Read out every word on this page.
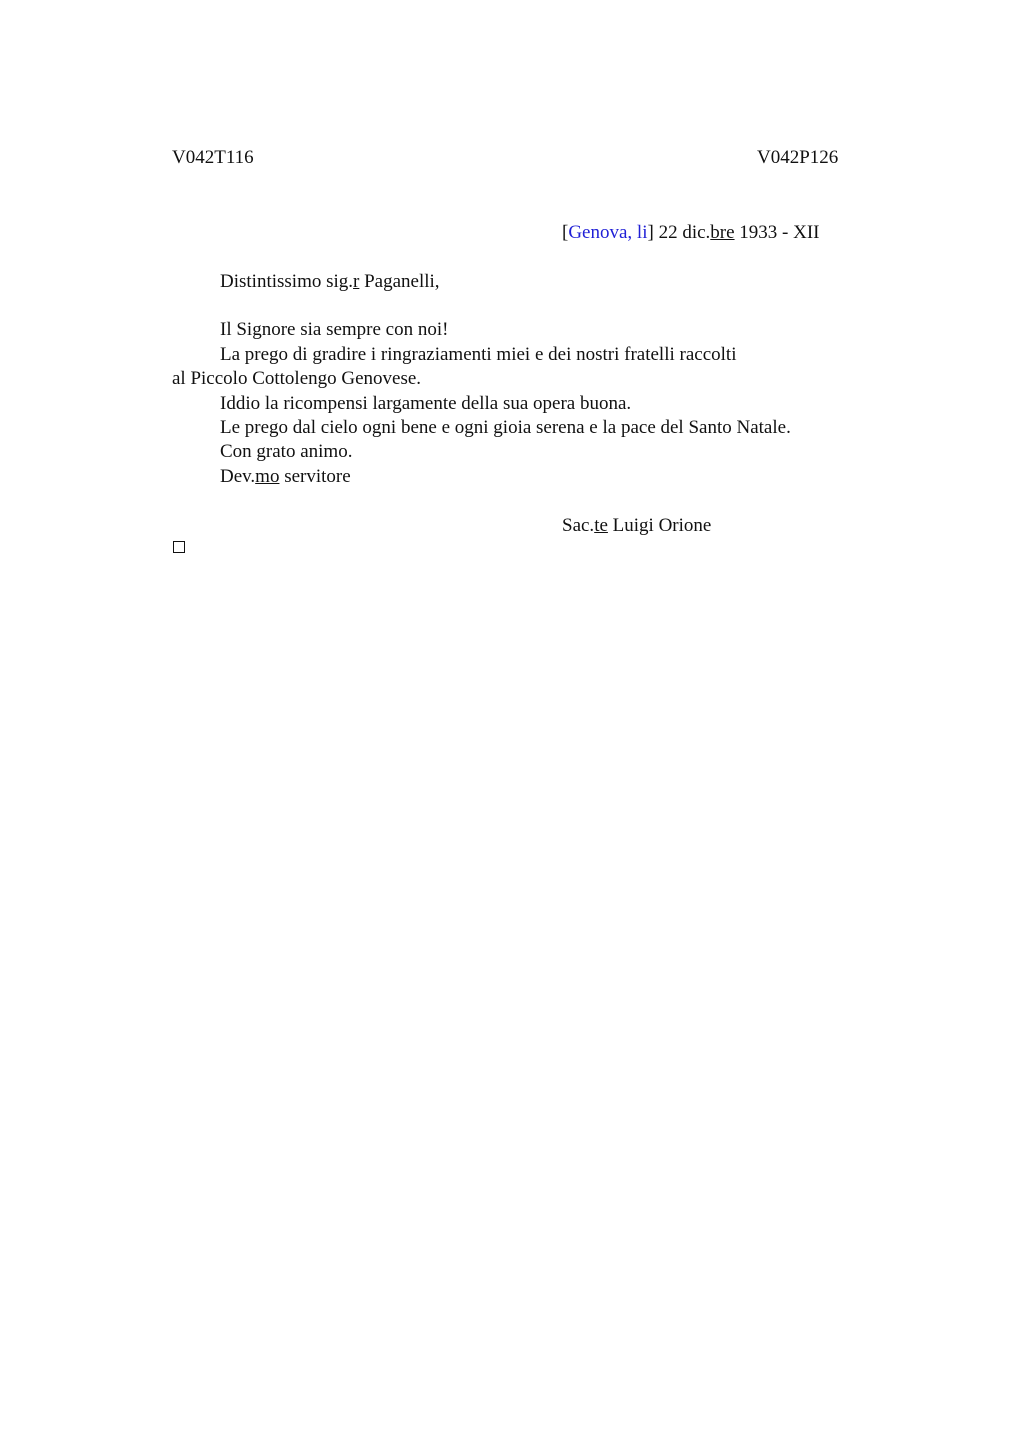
V042T116	V042P126
[Genova, li] 22 dic.bre 1933 - XII
Distintissimo sig.r Paganelli,
Il Signore sia sempre con noi!
La prego di gradire i ringraziamenti miei e dei nostri fratelli raccolti
al Piccolo Cottolengo Genovese.
Iddio la ricompensi largamente della sua opera buona.
Le prego dal cielo ogni bene e ogni gioia serena e la pace del Santo Natale.
Con grato animo.
Dev.mo servitore
Sac.te Luigi Orione
